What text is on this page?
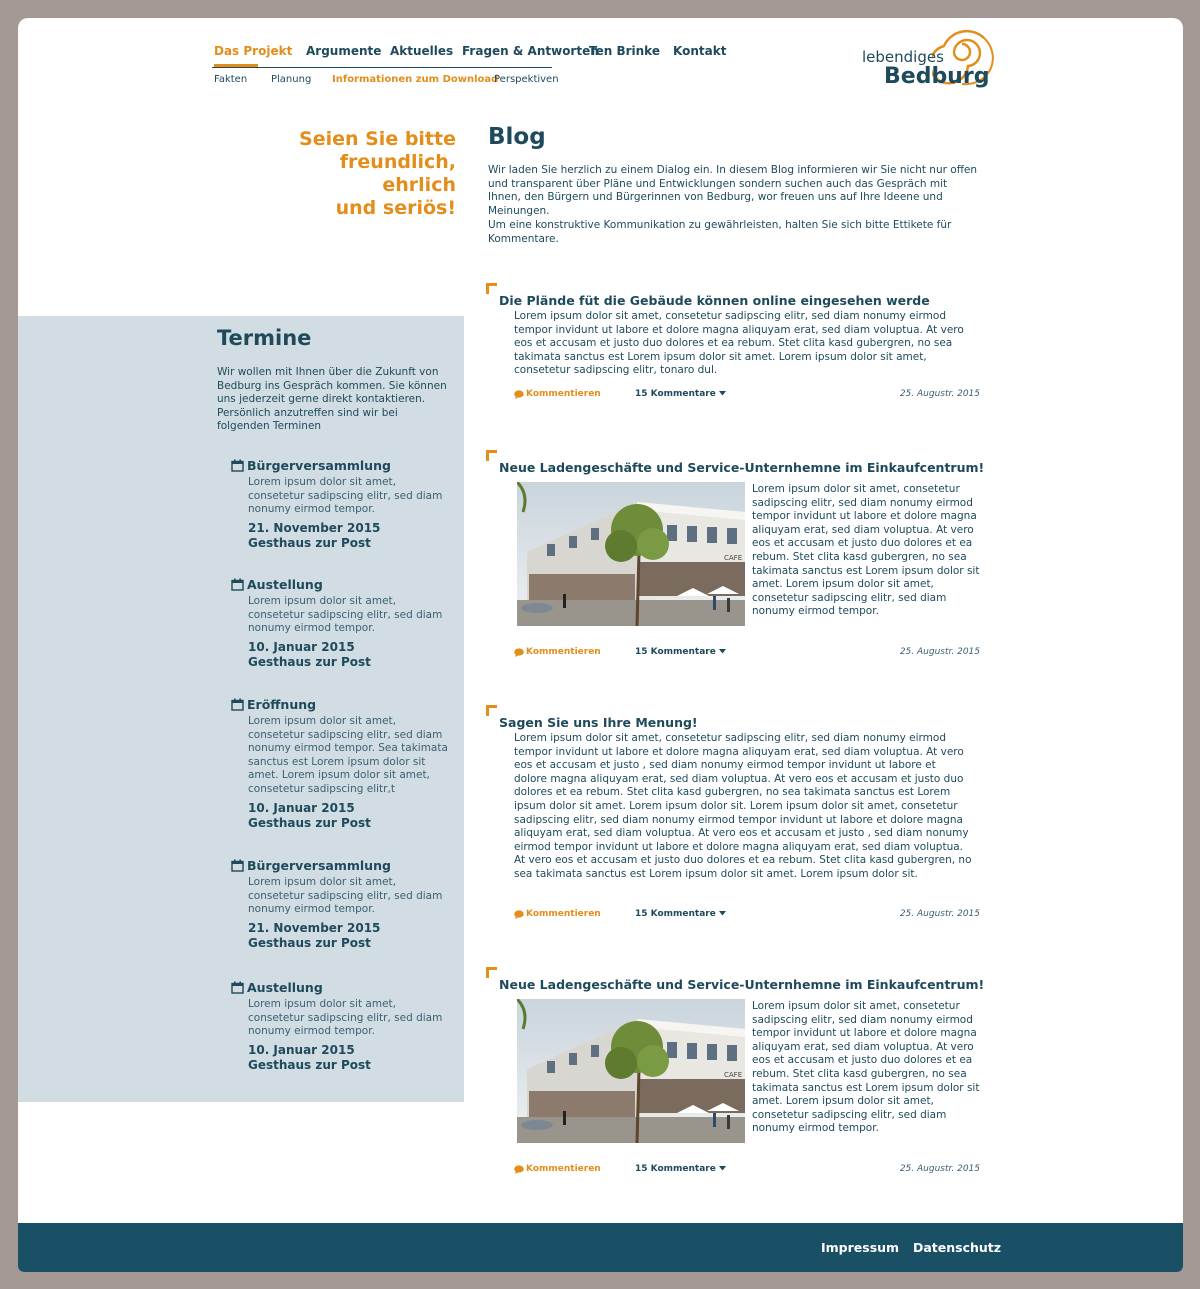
Das Projekt Argumente Aktuelles Fragen & Antworten
Ten Brinke Kontakt
Fakten Planung Informationen zum Download
Perspektiven
lebendiges
Bedburg
Seien Sie bitte
freundlich,
ehrlich
und seriös!
Blog
Wir laden Sie herzlich zu einem Dialog ein. In diesem Blog informieren wir Sie nicht nur offen und transparent über Pläne und Entwicklungen sondern suchen auch das Gespräch mit Ihnen, den Bürgern und Bürgerinnen von Bedburg, wor freuen uns auf Ihre Ideene und Meinungen.
Um eine konstruktive Kommunikation zu gewährleisten, halten Sie sich bitte Ettikete für Kommentare.
Termine
Wir wollen mit Ihnen über die Zukunft von Bedburg ins Gespräch kommen. Sie können uns jederzeit gerne direkt kontaktieren. Persönlich anzutreffen sind wir bei folgenden Terminen
Bürgerversammlung
Lorem ipsum dolor sit amet, consetetur sadipscing elitr, sed diam nonumy eirmod tempor.
21. November 2015
Gesthaus zur Post
Austellung
Lorem ipsum dolor sit amet, consetetur sadipscing elitr, sed diam nonumy eirmod tempor.
10. Januar 2015
Gesthaus zur Post
Eröffnung
Lorem ipsum dolor sit amet, consetetur sadipscing elitr, sed diam nonumy eirmod tempor. Sea takimata sanctus est Lorem ipsum dolor sit amet. Lorem ipsum dolor sit amet, consetetur sadipscing elitr,t
10. Januar 2015
Gesthaus zur Post
Bürgerversammlung
Lorem ipsum dolor sit amet, consetetur sadipscing elitr, sed diam nonumy eirmod tempor.
21. November 2015
Gesthaus zur Post
Austellung
Lorem ipsum dolor sit amet, consetetur sadipscing elitr, sed diam nonumy eirmod tempor.
10. Januar 2015
Gesthaus zur Post
Die Plände füt die Gebäude können online eingesehen werde
Lorem ipsum dolor sit amet, consetetur sadipscing elitr, sed diam nonumy eirmod tempor invidunt ut labore et dolore magna aliquyam erat, sed diam voluptua. At vero eos et accusam et justo duo dolores et ea rebum. Stet clita kasd gubergren, no sea takimata sanctus est Lorem ipsum dolor sit amet. Lorem ipsum dolor sit amet, consetetur sadipscing elitr, tonaro dul.
Kommentieren	15 Kommentare	25. Augustr. 2015
Neue Ladengeschäfte und Service-Unternhemne im Einkaufcentrum!
CAFE
Lorem ipsum dolor sit amet, consetetur sadipscing elitr, sed diam nonumy eirmod tempor invidunt ut labore et dolore magna aliquyam erat, sed diam voluptua. At vero eos et accusam et justo duo dolores et ea rebum. Stet clita kasd gubergren, no sea takimata sanctus est Lorem ipsum dolor sit amet. Lorem ipsum dolor sit amet, consetetur sadipscing elitr, sed diam nonumy eirmod tempor.
Kommentieren	15 Kommentare	25. Augustr. 2015
Sagen Sie uns Ihre Menung!
Lorem ipsum dolor sit amet, consetetur sadipscing elitr, sed diam nonumy eirmod tempor invidunt ut labore et dolore magna aliquyam erat, sed diam voluptua. At vero eos et accusam et justo , sed diam nonumy eirmod tempor invidunt ut labore et dolore magna aliquyam erat, sed diam voluptua. At vero eos et accusam et justo duo dolores et ea rebum. Stet clita kasd gubergren, no sea takimata sanctus est Lorem ipsum dolor sit amet. Lorem ipsum dolor sit. Lorem ipsum dolor sit amet, consetetur sadipscing elitr, sed diam nonumy eirmod tempor invidunt ut labore et dolore magna aliquyam erat, sed diam voluptua. At vero eos et accusam et justo , sed diam nonumy eirmod tempor invidunt ut labore et dolore magna aliquyam erat, sed diam voluptua. At vero eos et accusam et justo duo dolores et ea rebum. Stet clita kasd gubergren, no sea takimata sanctus est Lorem ipsum dolor sit amet. Lorem ipsum dolor sit.
Kommentieren	15 Kommentare	25. Augustr. 2015
Neue Ladengeschäfte und Service-Unternhemne im Einkaufcentrum!
CAFE
Lorem ipsum dolor sit amet, consetetur sadipscing elitr, sed diam nonumy eirmod tempor invidunt ut labore et dolore magna aliquyam erat, sed diam voluptua. At vero eos et accusam et justo duo dolores et ea rebum. Stet clita kasd gubergren, no sea takimata sanctus est Lorem ipsum dolor sit amet. Lorem ipsum dolor sit amet, consetetur sadipscing elitr, sed diam nonumy eirmod tempor.
Kommentieren	15 Kommentare	25. Augustr. 2015
Impressum Datenschutz
